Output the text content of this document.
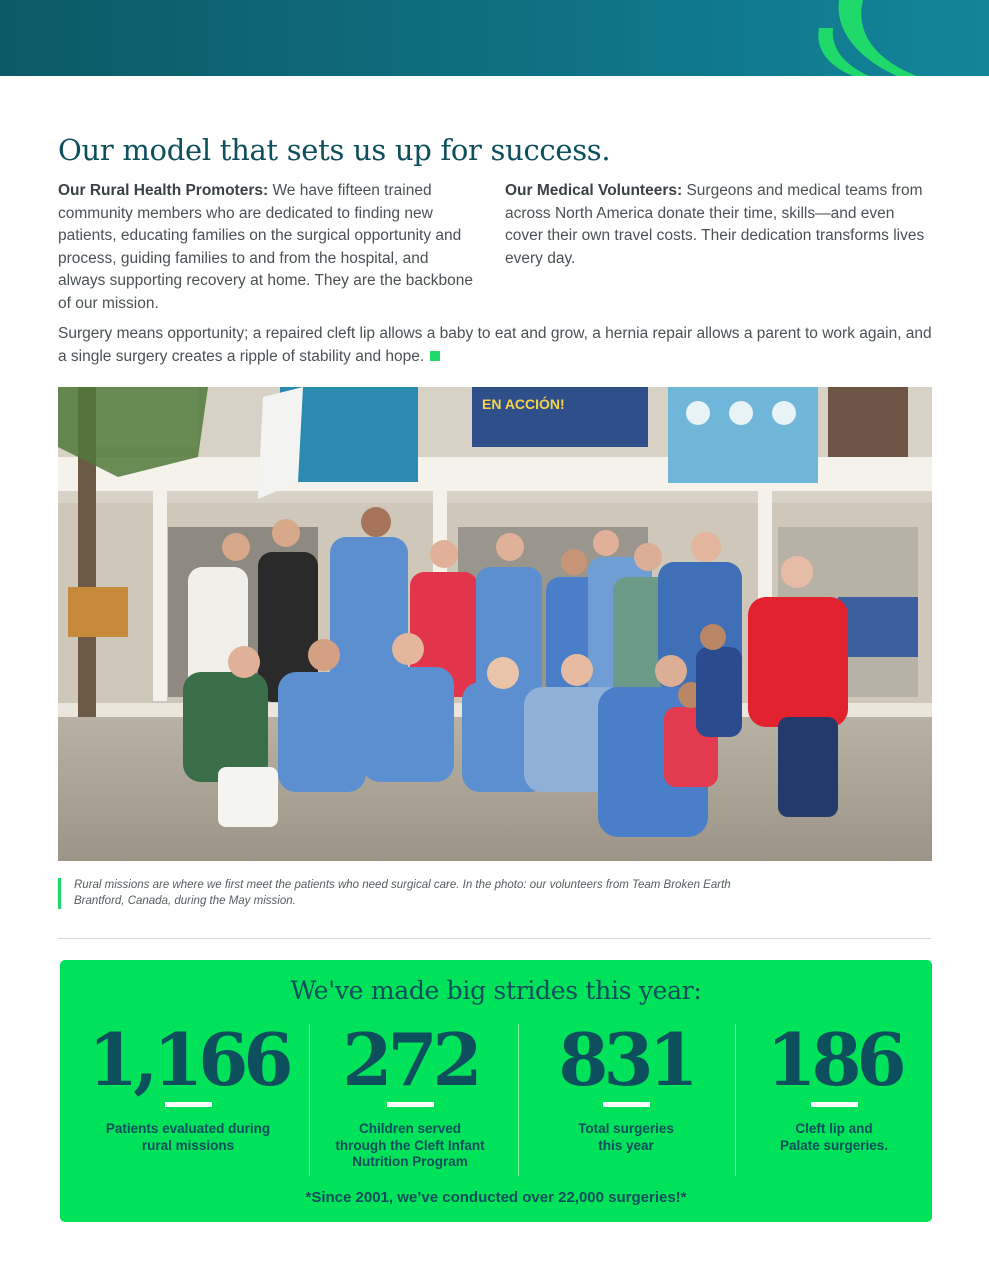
Our model that sets us up for success.
Our Rural Health Promoters: We have fifteen trained community members who are dedicated to finding new patients, educating families on the surgical opportunity and process, guiding families to and from the hospital, and always supporting recovery at home. They are the backbone of our mission.
Our Medical Volunteers: Surgeons and medical teams from across North America donate their time, skills—and even cover their own travel costs. Their dedication transforms lives every day.

Surgery means opportunity; a repaired cleft lip allows a baby to eat and grow, a hernia repair allows a parent to work again, and a single surgery creates a ripple of stability and hope.

EN ACCIÓN!
Rural missions are where we first meet the patients who need surgical care. In the photo: our volunteers from Team Broken Earth Brantford, Canada, during the May mission.
We've made big strides this year:
1,166
Patients evaluated during
rural missions
272
Children served
through the Cleft Infant
Nutrition Program
831
Total surgeries
this year
186
Cleft lip and
Palate surgeries.
*Since 2001, we’ve conducted over 22,000 surgeries!*
